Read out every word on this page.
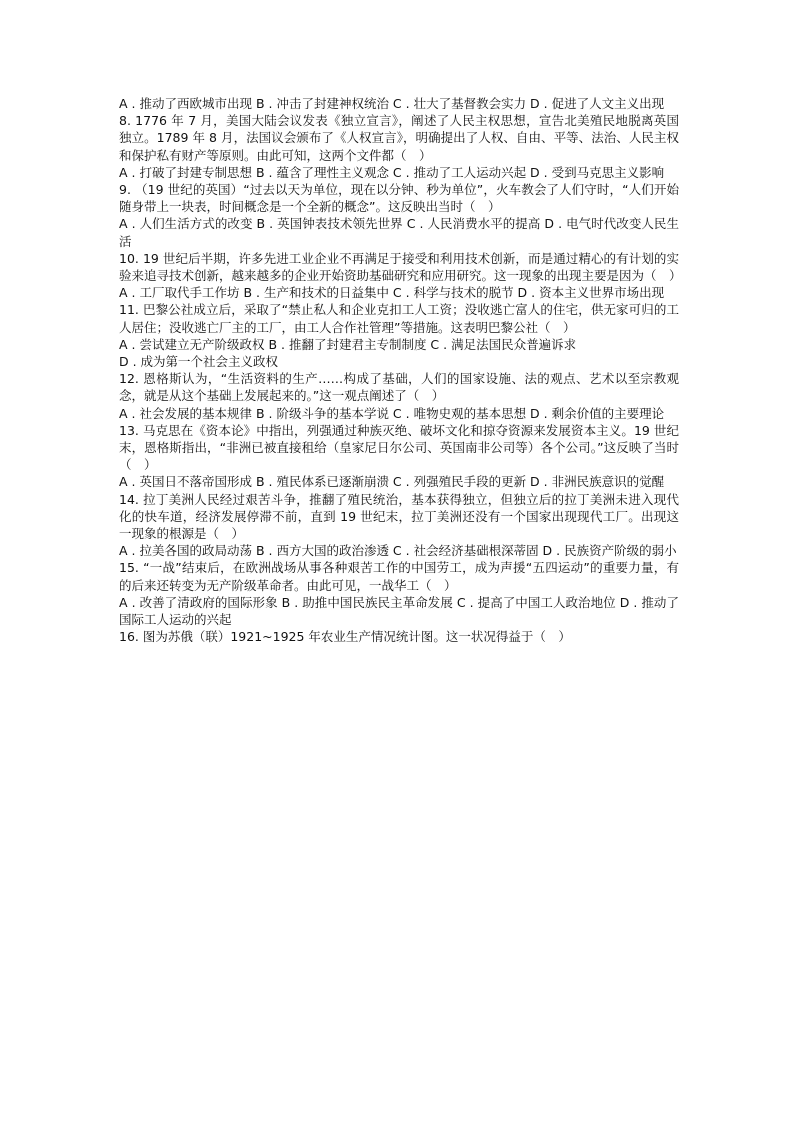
A . 推动了西欧城市出现 B . 冲击了封建神权统治 C . 壮大了基督教会实力 D . 促进了人文主义出现

8. 1776 年 7 月，美国大陆会议发表《独立宣言》，阐述了人民主权思想，宣告北美殖民地脱离英国独立。1789 年 8 月，法国议会颁布了《人权宣言》，明确提出了人权、自由、平等、法治、人民主权和保护私有财产等原则。由此可知，这两个文件都（　）

A . 打破了封建专制思想 B . 蕴含了理性主义观念 C . 推动了工人运动兴起 D . 受到马克思主义影响

9. （19 世纪的英国）“过去以天为单位，现在以分钟、秒为单位”，火车教会了人们守时，“人们开始随身带上一块表，时间概念是一个全新的概念”。这反映出当时（　）

A . 人们生活方式的改变 B . 英国钟表技术领先世界 C . 人民消费水平的提高 D . 电气时代改变人民生活

10. 19 世纪后半期，许多先进工业企业不再满足于接受和利用技术创新，而是通过精心的有计划的实验来追寻技术创新，越来越多的企业开始资助基础研究和应用研究。这一现象的出现主要是因为（　）

A . 工厂取代手工作坊 B . 生产和技术的日益集中 C . 科学与技术的脱节 D . 资本主义世界市场出现

11. 巴黎公社成立后，采取了“禁止私人和企业克扣工人工资；没收逃亡富人的住宅，供无家可归的工人居住；没收逃亡厂主的工厂，由工人合作社管理”等措施。这表明巴黎公社（　）

A . 尝试建立无产阶级政权 B . 推翻了封建君主专制制度 C . 满足法国民众普遍诉求

D . 成为第一个社会主义政权

12. 恩格斯认为，“生活资料的生产……构成了基础，人们的国家设施、法的观点、艺术以至宗教观念，就是从这个基础上发展起来的。”这一观点阐述了（　）

A . 社会发展的基本规律 B . 阶级斗争的基本学说 C . 唯物史观的基本思想 D . 剩余价值的主要理论

13. 马克思在《资本论》中指出，列强通过种族灭绝、破坏文化和掠夺资源来发展资本主义。19 世纪末，恩格斯指出，“非洲已被直接租给（皇家尼日尔公司、英国南非公司等）各个公司。”这反映了当时（　）

A . 英国日不落帝国形成 B . 殖民体系已逐渐崩溃 C . 列强殖民手段的更新 D . 非洲民族意识的觉醒

14. 拉丁美洲人民经过艰苦斗争，推翻了殖民统治，基本获得独立，但独立后的拉丁美洲未进入现代化的快车道，经济发展停滞不前，直到 19 世纪末，拉丁美洲还没有一个国家出现现代工厂。出现这一现象的根源是（　）

A . 拉美各国的政局动荡 B . 西方大国的政治渗透 C . 社会经济基础根深蒂固 D . 民族资产阶级的弱小

15. “一战”结束后，在欧洲战场从事各种艰苦工作的中国劳工，成为声援“五四运动”的重要力量，有的后来还转变为无产阶级革命者。由此可见，一战华工（　）

A . 改善了清政府的国际形象 B . 助推中国民族民主革命发展 C . 提高了中国工人政治地位 D . 推动了国际工人运动的兴起

16. 图为苏俄（联）1921~1925 年农业生产情况统计图。这一状况得益于（　）
